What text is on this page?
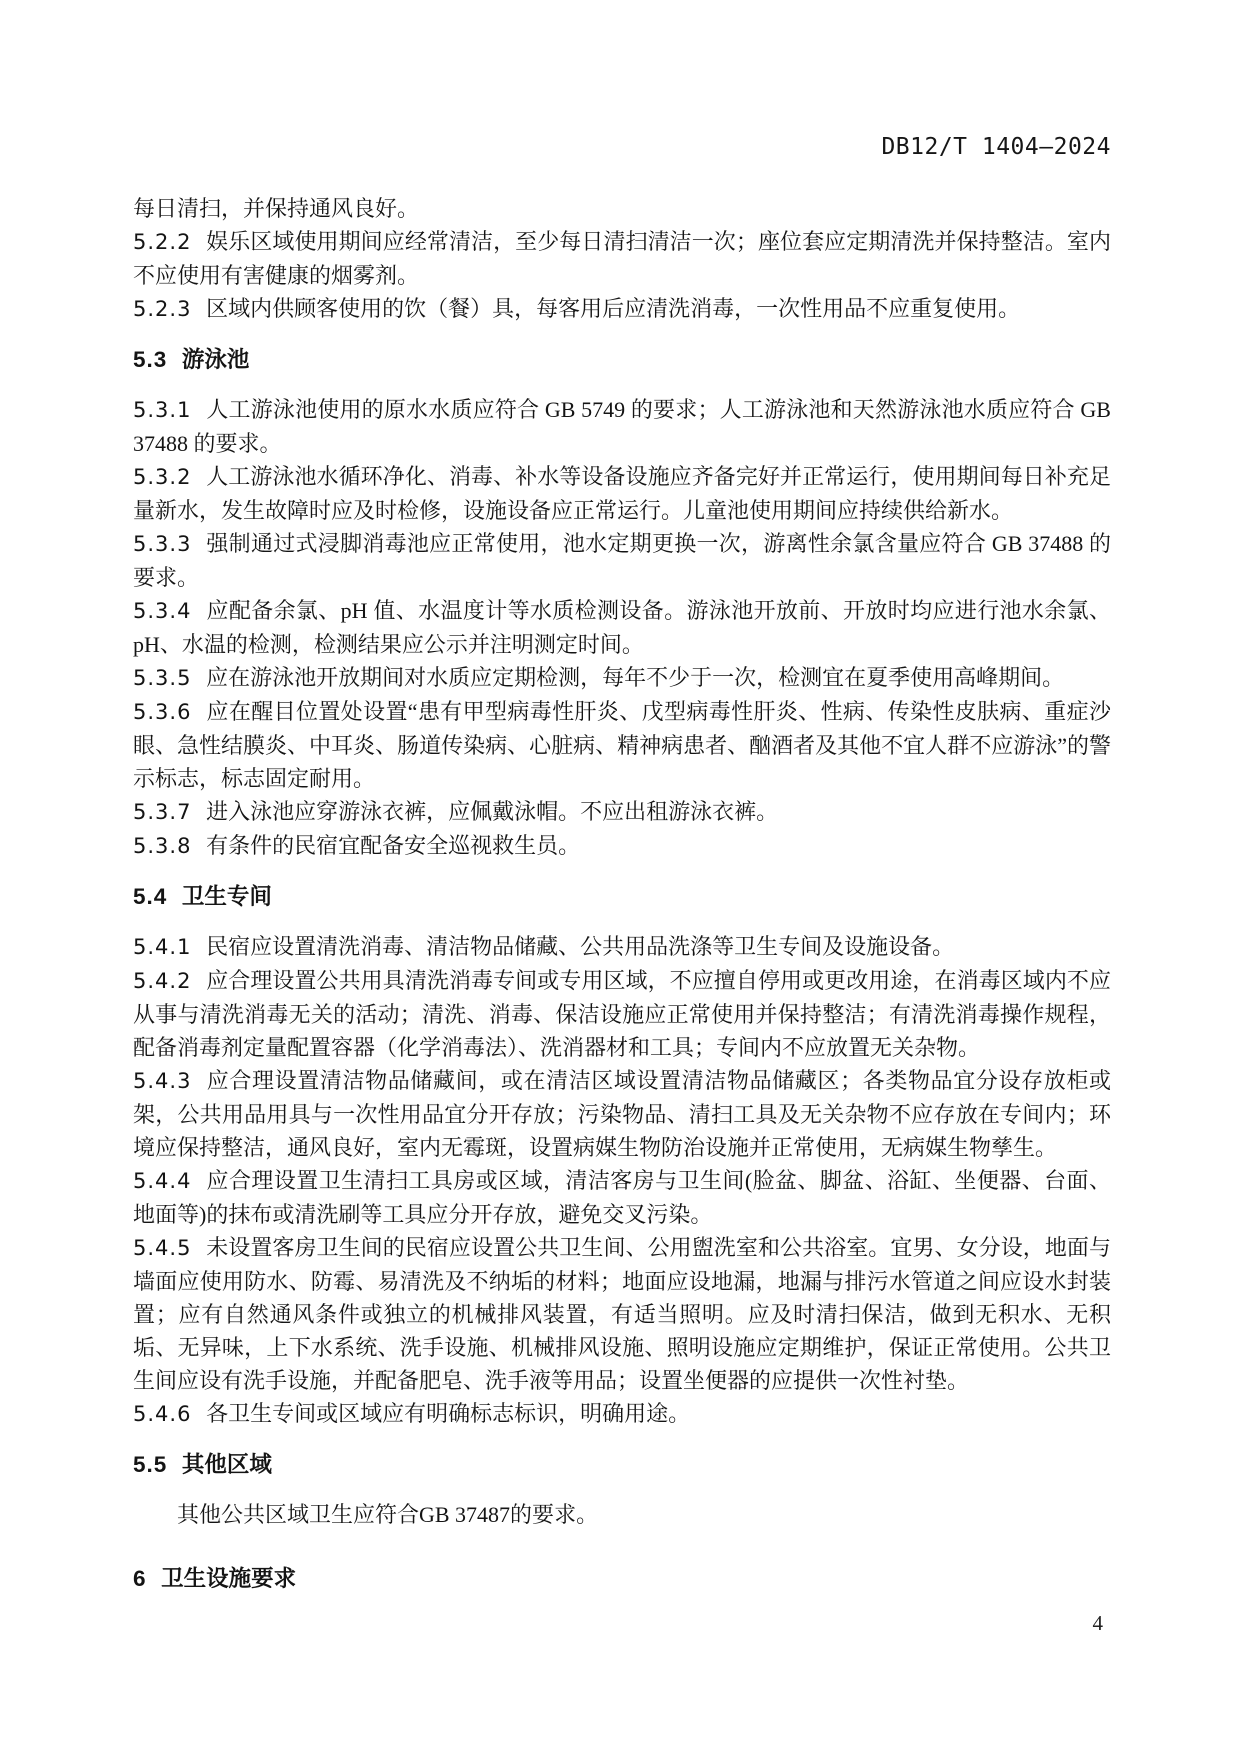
DB12/T 1404—2024

每日清扫，并保持通风良好。

5.2.2 娱乐区域使用期间应经常清洁，至少每日清扫清洁一次；座位套应定期清洗并保持整洁。室内不应使用有害健康的烟雾剂。

5.2.3 区域内供顾客使用的饮（餐）具，每客用后应清洗消毒，一次性用品不应重复使用。

5.3 游泳池

5.3.1 人工游泳池使用的原水水质应符合 GB 5749 的要求；人工游泳池和天然游泳池水质应符合 GB 37488 的要求。

5.3.2 人工游泳池水循环净化、消毒、补水等设备设施应齐备完好并正常运行，使用期间每日补充足量新水，发生故障时应及时检修，设施设备应正常运行。儿童池使用期间应持续供给新水。

5.3.3 强制通过式浸脚消毒池应正常使用，池水定期更换一次，游离性余氯含量应符合 GB 37488 的要求。

5.3.4 应配备余氯、pH 值、水温度计等水质检测设备。游泳池开放前、开放时均应进行池水余氯、pH、水温的检测，检测结果应公示并注明测定时间。

5.3.5 应在游泳池开放期间对水质应定期检测，每年不少于一次，检测宜在夏季使用高峰期间。

5.3.6 应在醒目位置处设置“患有甲型病毒性肝炎、戊型病毒性肝炎、性病、传染性皮肤病、重症沙眼、急性结膜炎、中耳炎、肠道传染病、心脏病、精神病患者、酗酒者及其他不宜人群不应游泳”的警示标志，标志固定耐用。

5.3.7 进入泳池应穿游泳衣裤，应佩戴泳帽。不应出租游泳衣裤。

5.3.8 有条件的民宿宜配备安全巡视救生员。

5.4 卫生专间

5.4.1 民宿应设置清洗消毒、清洁物品储藏、公共用品洗涤等卫生专间及设施设备。

5.4.2 应合理设置公共用具清洗消毒专间或专用区域，不应擅自停用或更改用途，在消毒区域内不应从事与清洗消毒无关的活动；清洗、消毒、保洁设施应正常使用并保持整洁；有清洗消毒操作规程，配备消毒剂定量配置容器（化学消毒法）、洗消器材和工具；专间内不应放置无关杂物。

5.4.3 应合理设置清洁物品储藏间，或在清洁区域设置清洁物品储藏区；各类物品宜分设存放柜或架，公共用品用具与一次性用品宜分开存放；污染物品、清扫工具及无关杂物不应存放在专间内；环境应保持整洁，通风良好，室内无霉斑，设置病媒生物防治设施并正常使用，无病媒生物孳生。

5.4.4 应合理设置卫生清扫工具房或区域，清洁客房与卫生间(脸盆、脚盆、浴缸、坐便器、台面、地面等)的抹布或清洗刷等工具应分开存放，避免交叉污染。

5.4.5 未设置客房卫生间的民宿应设置公共卫生间、公用盥洗室和公共浴室。宜男、女分设，地面与墙面应使用防水、防霉、易清洗及不纳垢的材料；地面应设地漏，地漏与排污水管道之间应设水封装置；应有自然通风条件或独立的机械排风装置，有适当照明。应及时清扫保洁，做到无积水、无积垢、无异味，上下水系统、洗手设施、机械排风设施、照明设施应定期维护，保证正常使用。公共卫生间应设有洗手设施，并配备肥皂、洗手液等用品；设置坐便器的应提供一次性衬垫。

5.4.6 各卫生专间或区域应有明确标志标识，明确用途。

5.5 其他区域

其他公共区域卫生应符合GB 37487的要求。

6 卫生设施要求
4
